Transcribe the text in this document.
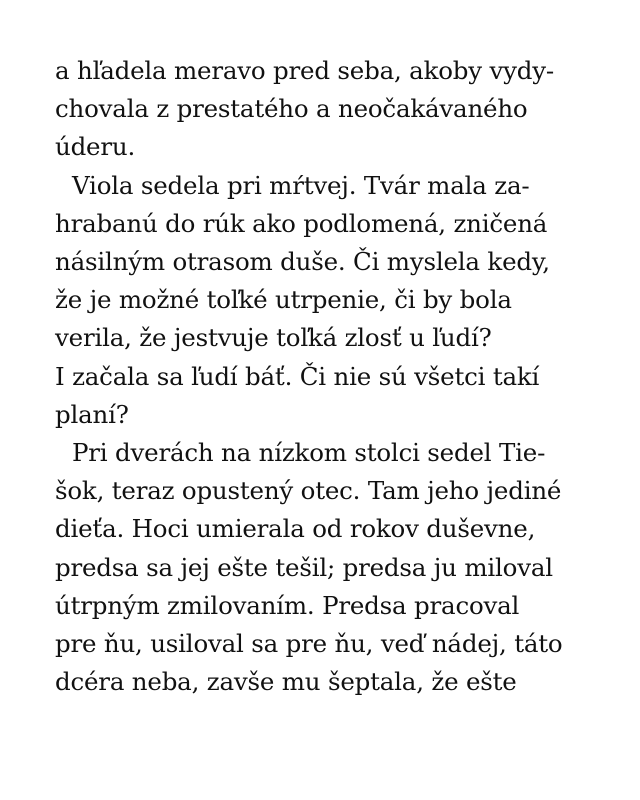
a hľadela meravo pred seba, akoby vydy-
chovala z prestatého a neočakávaného
úderu.
Viola sedela pri mŕtvej. Tvár mala za-
hrabanú do rúk ako podlomená, zničená
násilným otrasom duše. Či myslela kedy,
že je možné toľké utrpenie, či by bola
verila, že jestvuje toľká zlosť u ľudí?
I začala sa ľudí báť. Či nie sú všetci takí
planí?
Pri dverách na nízkom stolci sedel Tie-
šok, teraz opustený otec. Tam jeho jediné
dieťa. Hoci umierala od rokov duševne,
predsa sa jej ešte tešil; predsa ju miloval
útrpným zmilovaním. Predsa pracoval
pre ňu, usiloval sa pre ňu, veď nádej, táto
dcéra neba, zavše mu šeptala, že ešte
